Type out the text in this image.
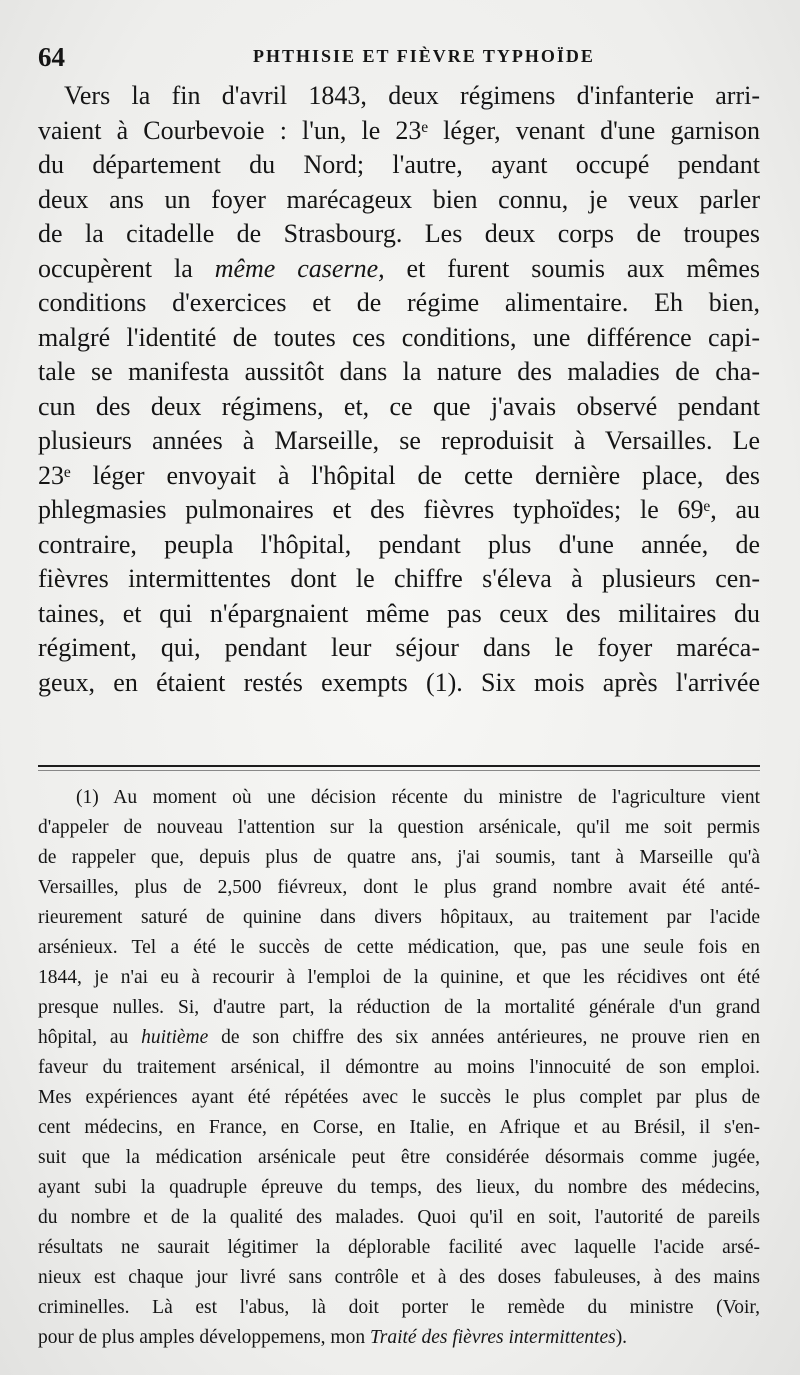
64	PHTHISIE ET FIÈVRE TYPHOÏDE
Vers la fin d'avril 1843, deux régimens d'infanterie arri-
vaient à Courbevoie : l'un, le 23ᵉ léger, venant d'une garnison
du département du Nord; l'autre, ayant occupé pendant
deux ans un foyer marécageux bien connu, je veux parler
de la citadelle de Strasbourg. Les deux corps de troupes
occupèrent la même caserne, et furent soumis aux mêmes
conditions d'exercices et de régime alimentaire. Eh bien,
malgré l'identité de toutes ces conditions, une différence capi-
tale se manifesta aussitôt dans la nature des maladies de cha-
cun des deux régimens, et, ce que j'avais observé pendant
plusieurs années à Marseille, se reproduisit à Versailles. Le
23ᵉ léger envoyait à l'hôpital de cette dernière place, des
phlegmasies pulmonaires et des fièvres typhoïdes; le 69ᵉ, au
contraire, peupla l'hôpital, pendant plus d'une année, de
fièvres intermittentes dont le chiffre s'éleva à plusieurs cen-
taines, et qui n'épargnaient même pas ceux des militaires du
régiment, qui, pendant leur séjour dans le foyer maréca-
geux, en étaient restés exempts (1). Six mois après l'arrivée
(1) Au moment où une décision récente du ministre de l'agriculture vient
d'appeler de nouveau l'attention sur la question arsénicale, qu'il me soit permis
de rappeler que, depuis plus de quatre ans, j'ai soumis, tant à Marseille qu'à
Versailles, plus de 2,500 fiévreux, dont le plus grand nombre avait été anté-
rieurement saturé de quinine dans divers hôpitaux, au traitement par l'acide
arsénieux. Tel a été le succès de cette médication, que, pas une seule fois en
1844, je n'ai eu à recourir à l'emploi de la quinine, et que les récidives ont été
presque nulles. Si, d'autre part, la réduction de la mortalité générale d'un grand
hôpital, au huitième de son chiffre des six années antérieures, ne prouve rien en
faveur du traitement arsénical, il démontre au moins l'innocuité de son emploi.
Mes expériences ayant été répétées avec le succès le plus complet par plus de
cent médecins, en France, en Corse, en Italie, en Afrique et au Brésil, il s'en-
suit que la médication arsénicale peut être considérée désormais comme jugée,
ayant subi la quadruple épreuve du temps, des lieux, du nombre des médecins,
du nombre et de la qualité des malades. Quoi qu'il en soit, l'autorité de pareils
résultats ne saurait légitimer la déplorable facilité avec laquelle l'acide arsé-
nieux est chaque jour livré sans contrôle et à des doses fabuleuses, à des mains
criminelles. Là est l'abus, là doit porter le remède du ministre (Voir,
pour de plus amples développemens, mon Traité des fièvres intermittentes).
